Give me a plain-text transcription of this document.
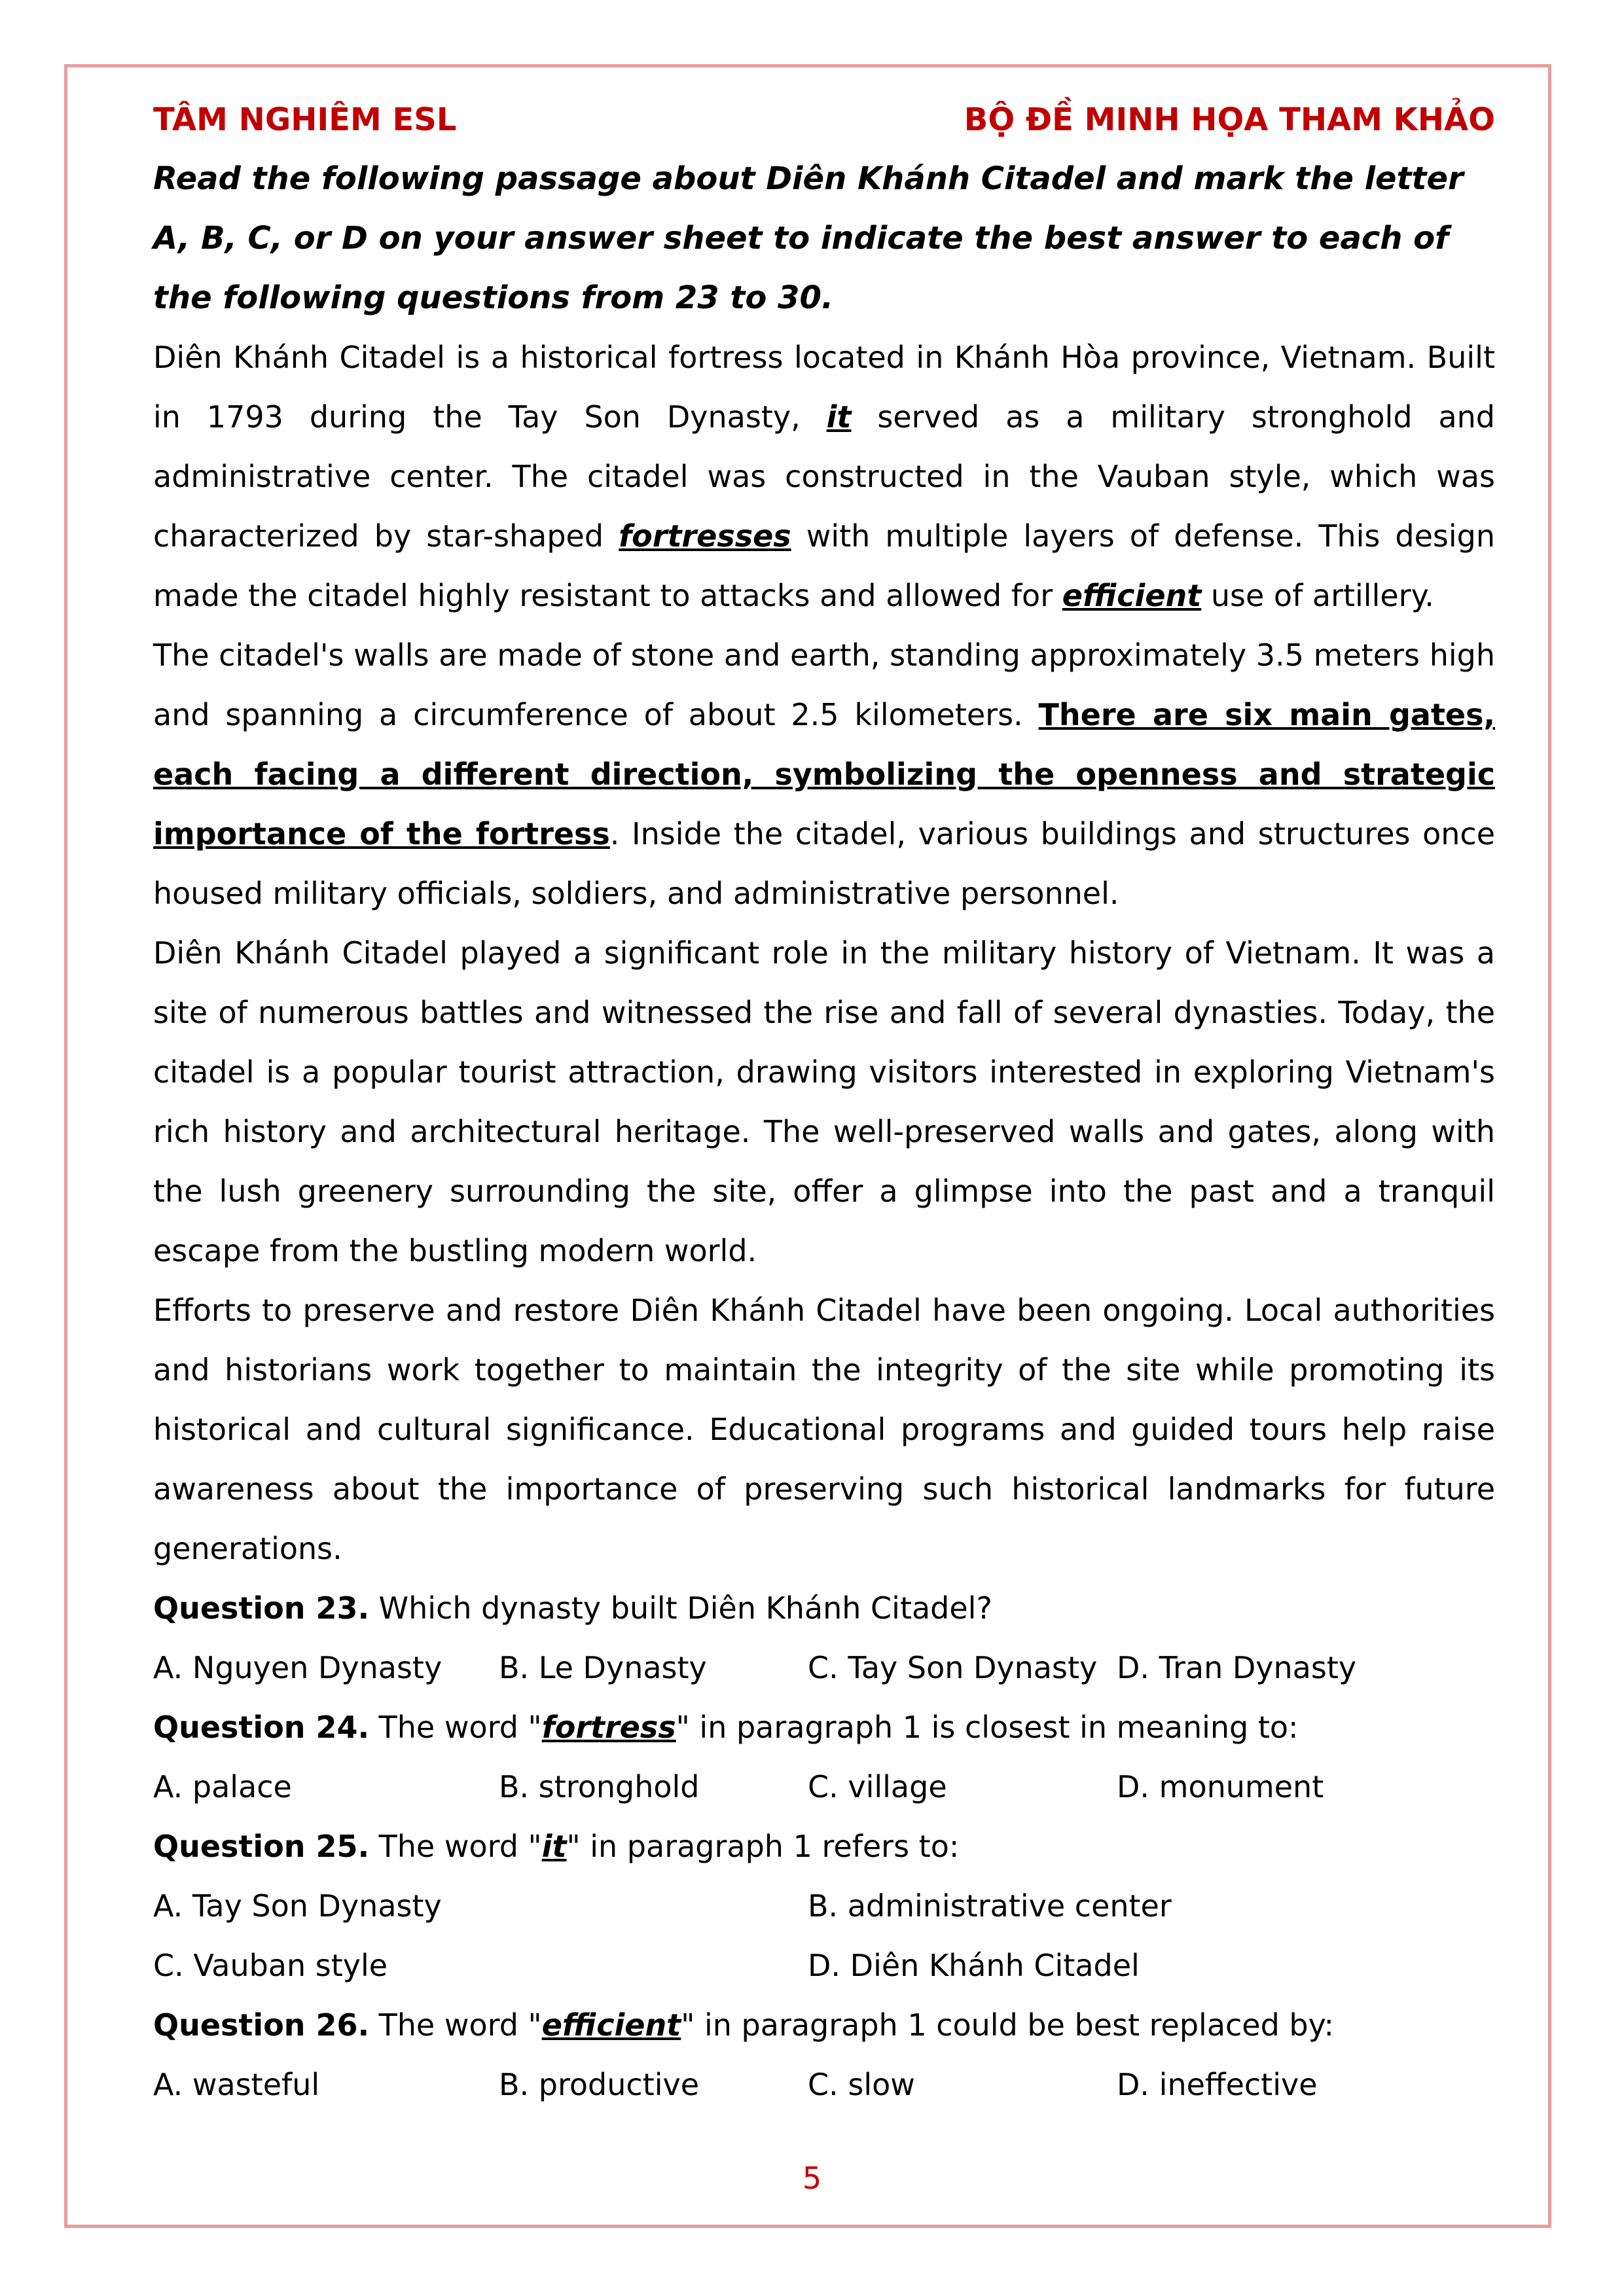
TÂM NGHIÊM ESL	BỘ ĐỀ MINH HỌA THAM KHẢO
Read the following passage about Diên Khánh Citadel and mark the letter A, B, C, or D on your answer sheet to indicate the best answer to each of the following questions from 23 to 30.
Diên Khánh Citadel is a historical fortress located in Khánh Hòa province, Vietnam. Built in 1793 during the Tay Son Dynasty, it served as a military stronghold and administrative center. The citadel was constructed in the Vauban style, which was characterized by star-shaped fortresses with multiple layers of defense. This design made the citadel highly resistant to attacks and allowed for efficient use of artillery.
The citadel's walls are made of stone and earth, standing approximately 3.5 meters high and spanning a circumference of about 2.5 kilometers. There are six main gates, each facing a different direction, symbolizing the openness and strategic importance of the fortress. Inside the citadel, various buildings and structures once housed military officials, soldiers, and administrative personnel.
Diên Khánh Citadel played a significant role in the military history of Vietnam. It was a site of numerous battles and witnessed the rise and fall of several dynasties. Today, the citadel is a popular tourist attraction, drawing visitors interested in exploring Vietnam's rich history and architectural heritage. The well-preserved walls and gates, along with the lush greenery surrounding the site, offer a glimpse into the past and a tranquil escape from the bustling modern world.
Efforts to preserve and restore Diên Khánh Citadel have been ongoing. Local authorities and historians work together to maintain the integrity of the site while promoting its historical and cultural significance. Educational programs and guided tours help raise awareness about the importance of preserving such historical landmarks for future generations.
Question 23. Which dynasty built Diên Khánh Citadel?
A. Nguyen Dynasty	B. Le Dynasty	C. Tay Son Dynasty D. Tran Dynasty
Question 24. The word "fortress" in paragraph 1 is closest in meaning to:
A. palace	B. stronghold	C. village	D. monument
Question 25. The word "it" in paragraph 1 refers to:
A. Tay Son Dynasty	B. administrative center
C. Vauban style	D. Diên Khánh Citadel
Question 26. The word "efficient" in paragraph 1 could be best replaced by:
A. wasteful	B. productive	C. slow	D. ineffective
5
